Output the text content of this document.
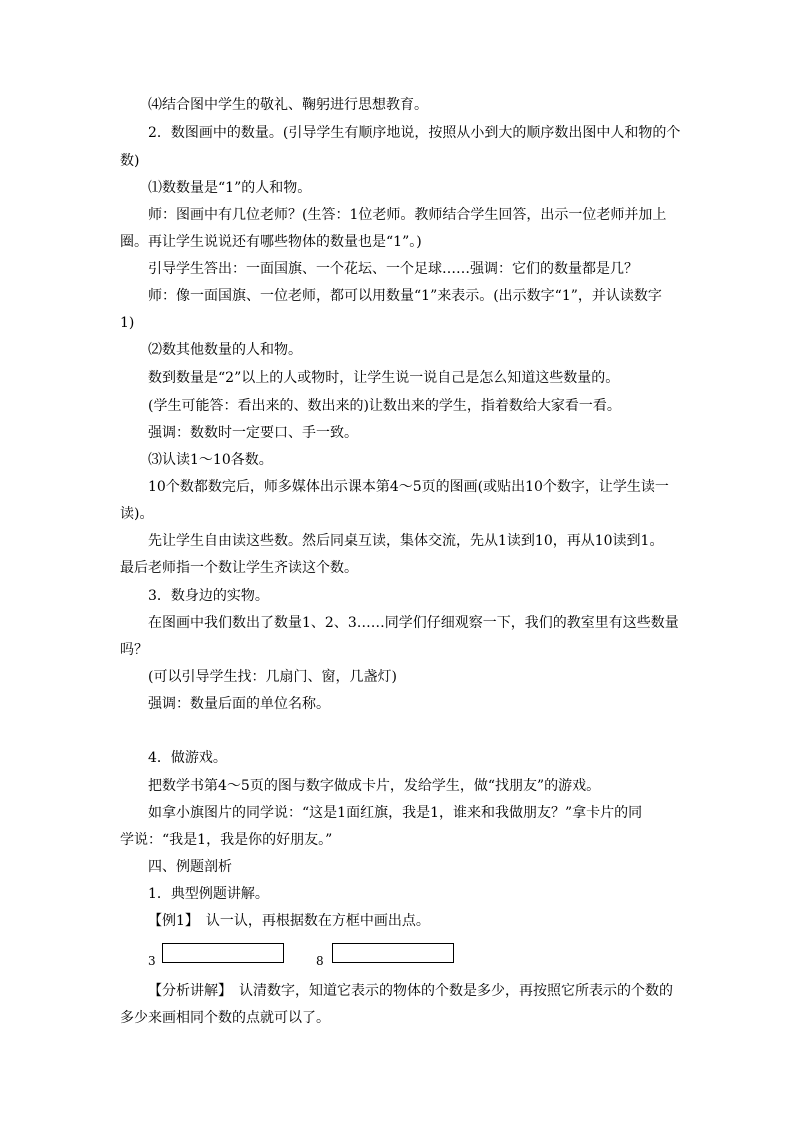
⑷结合图中学生的敬礼、鞠躬进行思想教育。
2．数图画中的数量。(引导学生有顺序地说，按照从小到大的顺序数出图中人和物的个
数)
⑴数数量是“1”的人和物。
师：图画中有几位老师？(生答：1位老师。教师结合学生回答，出示一位老师并加上
圈。再让学生说说还有哪些物体的数量也是“1”。)
引导学生答出：一面国旗、一个花坛、一个足球……强调：它们的数量都是几？
师：像一面国旗、一位老师，都可以用数量“1”来表示。(出示数字“1”，并认读数字
1)
⑵数其他数量的人和物。
数到数量是“2”以上的人或物时，让学生说一说自己是怎么知道这些数量的。
(学生可能答：看出来的、数出来的)让数出来的学生，指着数给大家看一看。
强调：数数时一定要口、手一致。
⑶认读1～10各数。
10个数都数完后，师多媒体出示课本第4～5页的图画(或贴出10个数字，让学生读一
读)。
先让学生自由读这些数。然后同桌互读，集体交流，先从1读到10，再从10读到1。
最后老师指一个数让学生齐读这个数。
3．数身边的实物。
在图画中我们数出了数量1、2、3……同学们仔细观察一下，我们的教室里有这些数量
吗？
(可以引导学生找：几扇门、窗，几盏灯)
强调：数量后面的单位名称。
4．做游戏。
把数学书第4～5页的图与数字做成卡片，发给学生，做“找朋友”的游戏。
如拿小旗图片的同学说：“这是1面红旗，我是1，谁来和我做朋友？”拿卡片的同
学说：“我是1，我是你的好朋友。”
四、例题剖析
1．典型例题讲解。
【例1】　认一认，再根据数在方框中画出点。
3	8
【分析讲解】　认清数字，知道它表示的物体的个数是多少，再按照它所表示的个数的
多少来画相同个数的点就可以了。
